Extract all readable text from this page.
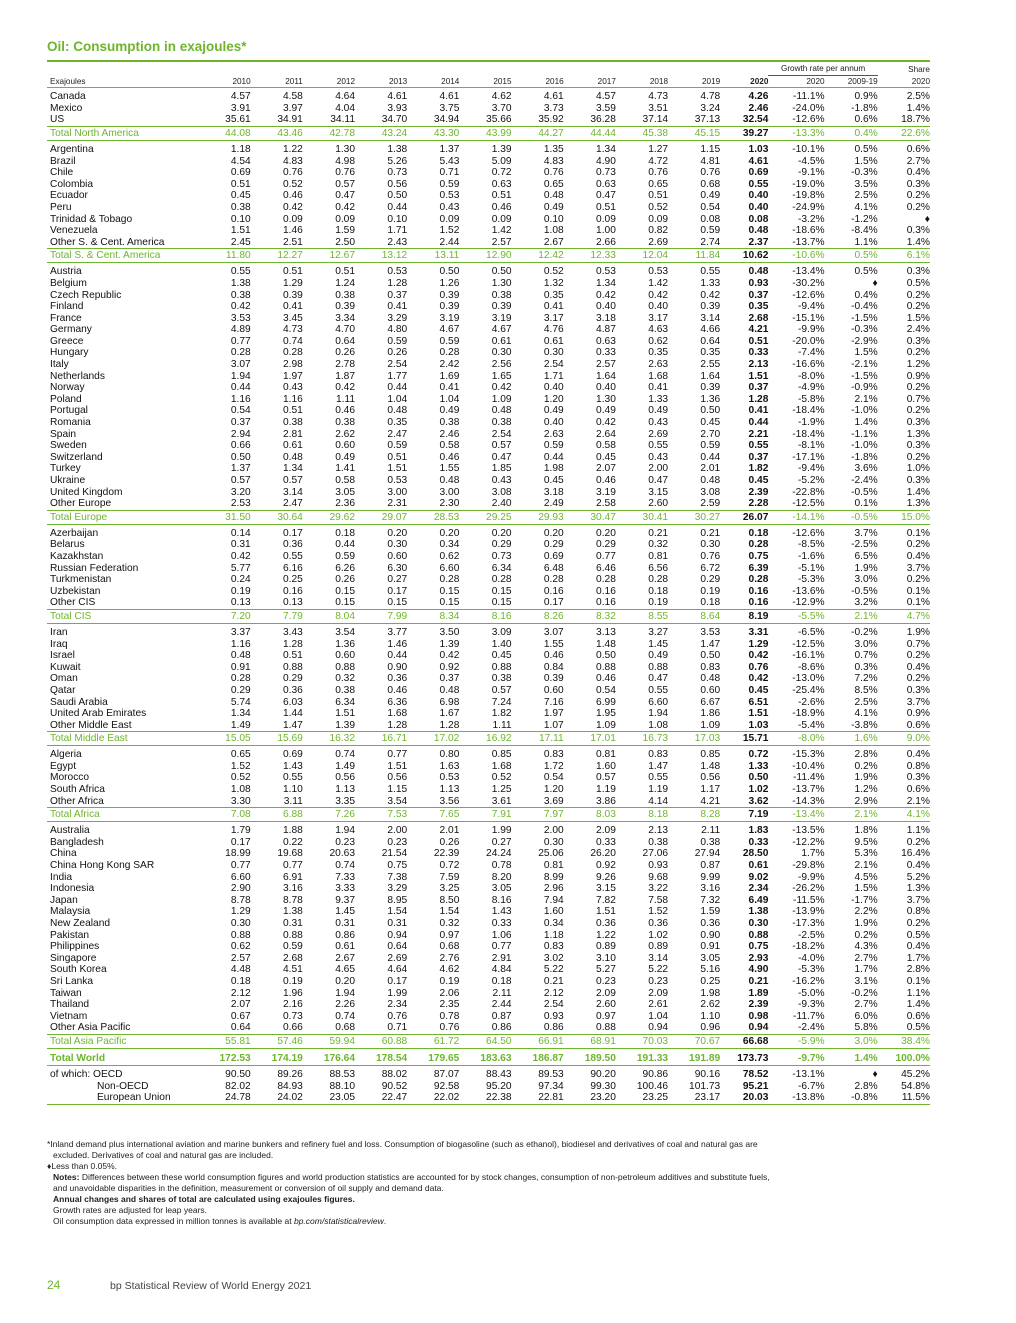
Oil: Consumption in exajoules*
												Growth rate per annum		Share
Exajoules	2010	2011	2012	2013	2014	2015	2016	2017	2018	2019	2020	2020	2009-19	2020
Canada	4.57	4.58	4.64	4.61	4.61	4.62	4.61	4.57	4.73	4.78	4.26	-11.1%	0.9%	2.5%
Mexico	3.91	3.97	4.04	3.93	3.75	3.70	3.73	3.59	3.51	3.24	2.46	-24.0%	-1.8%	1.4%
US	35.61	34.91	34.11	34.70	34.94	35.66	35.92	36.28	37.14	37.13	32.54	-12.6%	0.6%	18.7%
Total North America	44.08	43.46	42.78	43.24	43.30	43.99	44.27	44.44	45.38	45.15	39.27	-13.3%	0.4%	22.6%
Argentina	1.18	1.22	1.30	1.38	1.37	1.39	1.35	1.34	1.27	1.15	1.03	-10.1%	0.5%	0.6%
Brazil	4.54	4.83	4.98	5.26	5.43	5.09	4.83	4.90	4.72	4.81	4.61	-4.5%	1.5%	2.7%
Chile	0.69	0.76	0.76	0.73	0.71	0.72	0.76	0.73	0.76	0.76	0.69	-9.1%	-0.3%	0.4%
Colombia	0.51	0.52	0.57	0.56	0.59	0.63	0.65	0.63	0.65	0.68	0.55	-19.0%	3.5%	0.3%
Ecuador	0.45	0.46	0.47	0.50	0.53	0.51	0.48	0.47	0.51	0.49	0.40	-19.8%	2.5%	0.2%
Peru	0.38	0.42	0.42	0.44	0.43	0.46	0.49	0.51	0.52	0.54	0.40	-24.9%	4.1%	0.2%
Trinidad & Tobago	0.10	0.09	0.09	0.10	0.09	0.09	0.10	0.09	0.09	0.08	0.08	-3.2%	-1.2%	♦
Venezuela	1.51	1.46	1.59	1.71	1.52	1.42	1.08	1.00	0.82	0.59	0.48	-18.6%	-8.4%	0.3%
Other S. & Cent. America	2.45	2.51	2.50	2.43	2.44	2.57	2.67	2.66	2.69	2.74	2.37	-13.7%	1.1%	1.4%
Total S. & Cent. America	11.80	12.27	12.67	13.12	13.11	12.90	12.42	12.33	12.04	11.84	10.62	-10.6%	0.5%	6.1%
Austria	0.55	0.51	0.51	0.53	0.50	0.50	0.52	0.53	0.53	0.55	0.48	-13.4%	0.5%	0.3%
Belgium	1.38	1.29	1.24	1.28	1.26	1.30	1.32	1.34	1.42	1.33	0.93	-30.2%	♦	0.5%
Czech Republic	0.38	0.39	0.38	0.37	0.39	0.38	0.35	0.42	0.42	0.42	0.37	-12.6%	0.4%	0.2%
Finland	0.42	0.41	0.39	0.41	0.39	0.39	0.41	0.40	0.40	0.39	0.35	-9.4%	-0.4%	0.2%
France	3.53	3.45	3.34	3.29	3.19	3.19	3.17	3.18	3.17	3.14	2.68	-15.1%	-1.5%	1.5%
Germany	4.89	4.73	4.70	4.80	4.67	4.67	4.76	4.87	4.63	4.66	4.21	-9.9%	-0.3%	2.4%
Greece	0.77	0.74	0.64	0.59	0.59	0.61	0.61	0.63	0.62	0.64	0.51	-20.0%	-2.9%	0.3%
Hungary	0.28	0.28	0.26	0.26	0.28	0.30	0.30	0.33	0.35	0.35	0.33	-7.4%	1.5%	0.2%
Italy	3.07	2.98	2.78	2.54	2.42	2.56	2.54	2.57	2.63	2.55	2.13	-16.6%	-2.1%	1.2%
Netherlands	1.94	1.97	1.87	1.77	1.69	1.65	1.71	1.64	1.68	1.64	1.51	-8.0%	-1.5%	0.9%
Norway	0.44	0.43	0.42	0.44	0.41	0.42	0.40	0.40	0.41	0.39	0.37	-4.9%	-0.9%	0.2%
Poland	1.16	1.16	1.11	1.04	1.04	1.09	1.20	1.30	1.33	1.36	1.28	-5.8%	2.1%	0.7%
Portugal	0.54	0.51	0.46	0.48	0.49	0.48	0.49	0.49	0.49	0.50	0.41	-18.4%	-1.0%	0.2%
Romania	0.37	0.38	0.38	0.35	0.38	0.38	0.40	0.42	0.43	0.45	0.44	-1.9%	1.4%	0.3%
Spain	2.94	2.81	2.62	2.47	2.46	2.54	2.63	2.64	2.69	2.70	2.21	-18.4%	-1.1%	1.3%
Sweden	0.66	0.61	0.60	0.59	0.58	0.57	0.59	0.58	0.55	0.59	0.55	-8.1%	-1.0%	0.3%
Switzerland	0.50	0.48	0.49	0.51	0.46	0.47	0.44	0.45	0.43	0.44	0.37	-17.1%	-1.8%	0.2%
Turkey	1.37	1.34	1.41	1.51	1.55	1.85	1.98	2.07	2.00	2.01	1.82	-9.4%	3.6%	1.0%
Ukraine	0.57	0.57	0.58	0.53	0.48	0.43	0.45	0.46	0.47	0.48	0.45	-5.2%	-2.4%	0.3%
United Kingdom	3.20	3.14	3.05	3.00	3.00	3.08	3.18	3.19	3.15	3.08	2.39	-22.8%	-0.5%	1.4%
Other Europe	2.53	2.47	2.36	2.31	2.30	2.40	2.49	2.58	2.60	2.59	2.28	-12.5%	0.1%	1.3%
Total Europe	31.50	30.64	29.62	29.07	28.53	29.25	29.93	30.47	30.41	30.27	26.07	-14.1%	-0.5%	15.0%
Azerbaijan	0.14	0.17	0.18	0.20	0.20	0.20	0.20	0.20	0.21	0.21	0.18	-12.6%	3.7%	0.1%
Belarus	0.31	0.36	0.44	0.30	0.34	0.29	0.29	0.29	0.32	0.30	0.28	-8.5%	-2.5%	0.2%
Kazakhstan	0.42	0.55	0.59	0.60	0.62	0.73	0.69	0.77	0.81	0.76	0.75	-1.6%	6.5%	0.4%
Russian Federation	5.77	6.16	6.26	6.30	6.60	6.34	6.48	6.46	6.56	6.72	6.39	-5.1%	1.9%	3.7%
Turkmenistan	0.24	0.25	0.26	0.27	0.28	0.28	0.28	0.28	0.28	0.29	0.28	-5.3%	3.0%	0.2%
Uzbekistan	0.19	0.16	0.15	0.17	0.15	0.15	0.16	0.16	0.18	0.19	0.16	-13.6%	-0.5%	0.1%
Other CIS	0.13	0.13	0.15	0.15	0.15	0.15	0.17	0.16	0.19	0.18	0.16	-12.9%	3.2%	0.1%
Total CIS	7.20	7.79	8.04	7.99	8.34	8.16	8.26	8.32	8.55	8.64	8.19	-5.5%	2.1%	4.7%
Iran	3.37	3.43	3.54	3.77	3.50	3.09	3.07	3.13	3.27	3.53	3.31	-6.5%	-0.2%	1.9%
Iraq	1.16	1.28	1.36	1.46	1.39	1.40	1.55	1.48	1.45	1.47	1.29	-12.5%	3.0%	0.7%
Israel	0.48	0.51	0.60	0.44	0.42	0.45	0.46	0.50	0.49	0.50	0.42	-16.1%	0.7%	0.2%
Kuwait	0.91	0.88	0.88	0.90	0.92	0.88	0.84	0.88	0.88	0.83	0.76	-8.6%	0.3%	0.4%
Oman	0.28	0.29	0.32	0.36	0.37	0.38	0.39	0.46	0.47	0.48	0.42	-13.0%	7.2%	0.2%
Qatar	0.29	0.36	0.38	0.46	0.48	0.57	0.60	0.54	0.55	0.60	0.45	-25.4%	8.5%	0.3%
Saudi Arabia	5.74	6.03	6.34	6.36	6.98	7.24	7.16	6.99	6.60	6.67	6.51	-2.6%	2.5%	3.7%
United Arab Emirates	1.34	1.44	1.51	1.68	1.67	1.82	1.97	1.95	1.94	1.86	1.51	-18.9%	4.1%	0.9%
Other Middle East	1.49	1.47	1.39	1.28	1.28	1.11	1.07	1.09	1.08	1.09	1.03	-5.4%	-3.8%	0.6%
Total Middle East	15.05	15.69	16.32	16.71	17.02	16.92	17.11	17.01	16.73	17.03	15.71	-8.0%	1.6%	9.0%
Algeria	0.65	0.69	0.74	0.77	0.80	0.85	0.83	0.81	0.83	0.85	0.72	-15.3%	2.8%	0.4%
Egypt	1.52	1.43	1.49	1.51	1.63	1.68	1.72	1.60	1.47	1.48	1.33	-10.4%	0.2%	0.8%
Morocco	0.52	0.55	0.56	0.56	0.53	0.52	0.54	0.57	0.55	0.56	0.50	-11.4%	1.9%	0.3%
South Africa	1.08	1.10	1.13	1.15	1.13	1.25	1.20	1.19	1.19	1.17	1.02	-13.7%	1.2%	0.6%
Other Africa	3.30	3.11	3.35	3.54	3.56	3.61	3.69	3.86	4.14	4.21	3.62	-14.3%	2.9%	2.1%
Total Africa	7.08	6.88	7.26	7.53	7.65	7.91	7.97	8.03	8.18	8.28	7.19	-13.4%	2.1%	4.1%
Australia	1.79	1.88	1.94	2.00	2.01	1.99	2.00	2.09	2.13	2.11	1.83	-13.5%	1.8%	1.1%
Bangladesh	0.17	0.22	0.23	0.23	0.26	0.27	0.30	0.33	0.38	0.38	0.33	-12.2%	9.5%	0.2%
China	18.99	19.68	20.63	21.54	22.39	24.24	25.06	26.20	27.06	27.94	28.50	1.7%	5.3%	16.4%
China Hong Kong SAR	0.77	0.77	0.74	0.75	0.72	0.78	0.81	0.92	0.93	0.87	0.61	-29.8%	2.1%	0.4%
India	6.60	6.91	7.33	7.38	7.59	8.20	8.99	9.26	9.68	9.99	9.02	-9.9%	4.5%	5.2%
Indonesia	2.90	3.16	3.33	3.29	3.25	3.05	2.96	3.15	3.22	3.16	2.34	-26.2%	1.5%	1.3%
Japan	8.78	8.78	9.37	8.95	8.50	8.16	7.94	7.82	7.58	7.32	6.49	-11.5%	-1.7%	3.7%
Malaysia	1.29	1.38	1.45	1.54	1.54	1.43	1.60	1.51	1.52	1.59	1.38	-13.9%	2.2%	0.8%
New Zealand	0.30	0.31	0.31	0.31	0.32	0.33	0.34	0.36	0.36	0.36	0.30	-17.3%	1.9%	0.2%
Pakistan	0.88	0.88	0.86	0.94	0.97	1.06	1.18	1.22	1.02	0.90	0.88	-2.5%	0.2%	0.5%
Philippines	0.62	0.59	0.61	0.64	0.68	0.77	0.83	0.89	0.89	0.91	0.75	-18.2%	4.3%	0.4%
Singapore	2.57	2.68	2.67	2.69	2.76	2.91	3.02	3.10	3.14	3.05	2.93	-4.0%	2.7%	1.7%
South Korea	4.48	4.51	4.65	4.64	4.62	4.84	5.22	5.27	5.22	5.16	4.90	-5.3%	1.7%	2.8%
Sri Lanka	0.18	0.19	0.20	0.17	0.19	0.18	0.21	0.23	0.23	0.25	0.21	-16.2%	3.1%	0.1%
Taiwan	2.12	1.96	1.94	1.99	2.06	2.11	2.12	2.09	2.09	1.98	1.89	-5.0%	-0.2%	1.1%
Thailand	2.07	2.16	2.26	2.34	2.35	2.44	2.54	2.60	2.61	2.62	2.39	-9.3%	2.7%	1.4%
Vietnam	0.67	0.73	0.74	0.76	0.78	0.87	0.93	0.97	1.04	1.10	0.98	-11.7%	6.0%	0.6%
Other Asia Pacific	0.64	0.66	0.68	0.71	0.76	0.86	0.86	0.88	0.94	0.96	0.94	-2.4%	5.8%	0.5%
Total Asia Pacific	55.81	57.46	59.94	60.88	61.72	64.50	66.91	68.91	70.03	70.67	66.68	-5.9%	3.0%	38.4%
Total World	172.53	174.19	176.64	178.54	179.65	183.63	186.87	189.50	191.33	191.89	173.73	-9.7%	1.4%	100.0%
of which: OECD	90.50	89.26	88.53	88.02	87.07	88.43	89.53	90.20	90.86	90.16	78.52	-13.1%	♦	45.2%
Non-OECD	82.02	84.93	88.10	90.52	92.58	95.20	97.34	99.30	100.46	101.73	95.21	-6.7%	2.8%	54.8%
European Union	24.78	24.02	23.05	22.47	22.02	22.38	22.81	23.20	23.25	23.17	20.03	-13.8%	-0.8%	11.5%

*Inland demand plus international aviation and marine bunkers and refinery fuel and loss. Consumption of biogasoline (such as ethanol), biodiesel and derivatives of coal and natural gas are

excluded. Derivatives of coal and natural gas are included.

♦Less than 0.05%.

Notes: Differences between these world consumption figures and world production statistics are accounted for by stock changes, consumption of non-petroleum additives and substitute fuels,

and unavoidable disparities in the definition, measurement or conversion of oil supply and demand data.

Annual changes and shares of total are calculated using exajoules figures.

Growth rates are adjusted for leap years.

Oil consumption data expressed in million tonnes is available at bp.com/statisticalreview.

24	bp Statistical Review of World Energy 2021
